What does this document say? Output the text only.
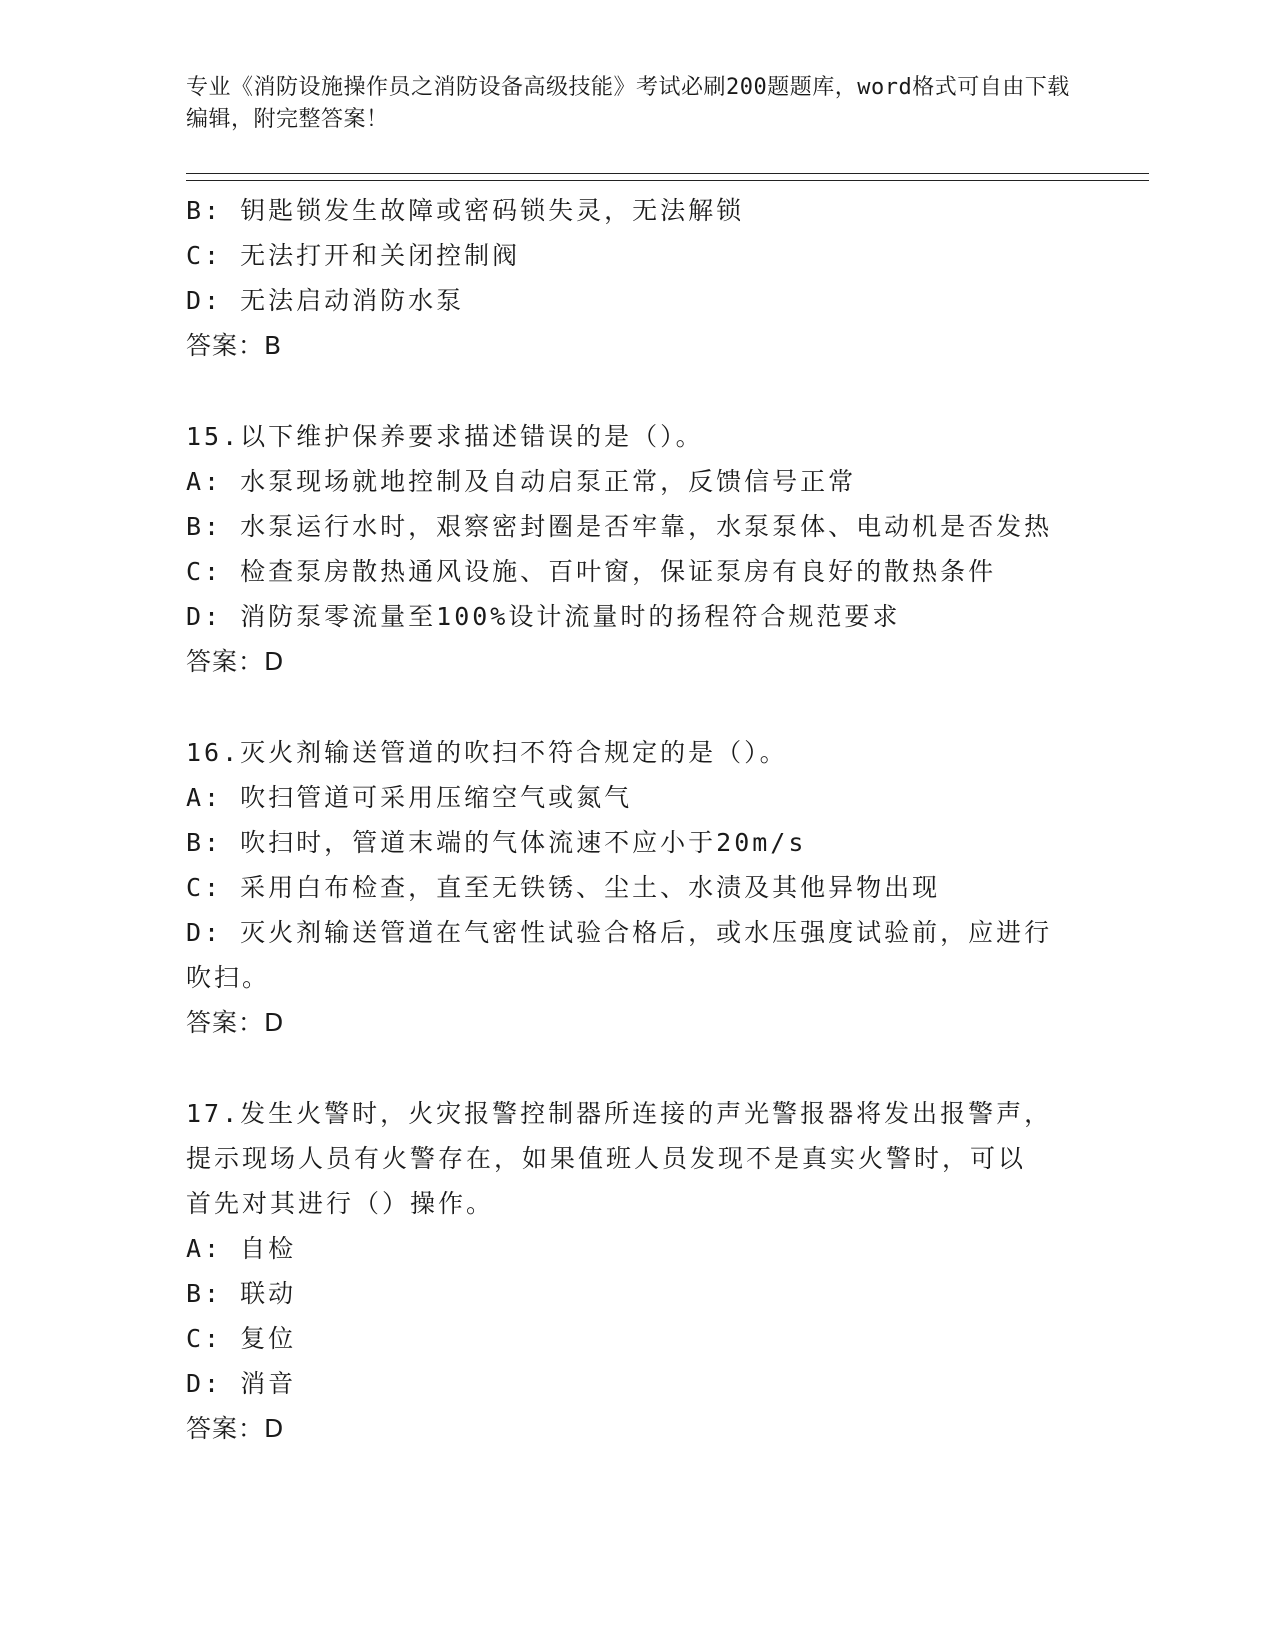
专业《消防设施操作员之消防设备高级技能》考试必刷200题题库，word格式可自由下载编辑，附完整答案！
B: 钥匙锁发生故障或密码锁失灵，无法解锁
C: 无法打开和关闭控制阀
D: 无法启动消防水泵
答案：B
15.以下维护保养要求描述错误的是（）。
A: 水泵现场就地控制及自动启泵正常，反馈信号正常
B: 水泵运行水时，艰察密封圈是否牢靠，水泵泵体、电动机是否发热
C: 检查泵房散热通风设施、百叶窗，保证泵房有良好的散热条件
D: 消防泵零流量至100%设计流量时的扬程符合规范要求
答案：D
16.灭火剂输送管道的吹扫不符合规定的是（）。
A: 吹扫管道可采用压缩空气或氮气
B: 吹扫时，管道末端的气体流速不应小于20m/s
C: 采用白布检查，直至无铁锈、尘土、水渍及其他异物出现
D: 灭火剂输送管道在气密性试验合格后，或水压强度试验前，应进行
吹扫。
答案：D
17.发生火警时，火灾报警控制器所连接的声光警报器将发出报警声，
提示现场人员有火警存在，如果值班人员发现不是真实火警时，可以
首先对其进行（）操作。
A: 自检
B: 联动
C: 复位
D: 消音
答案：D
